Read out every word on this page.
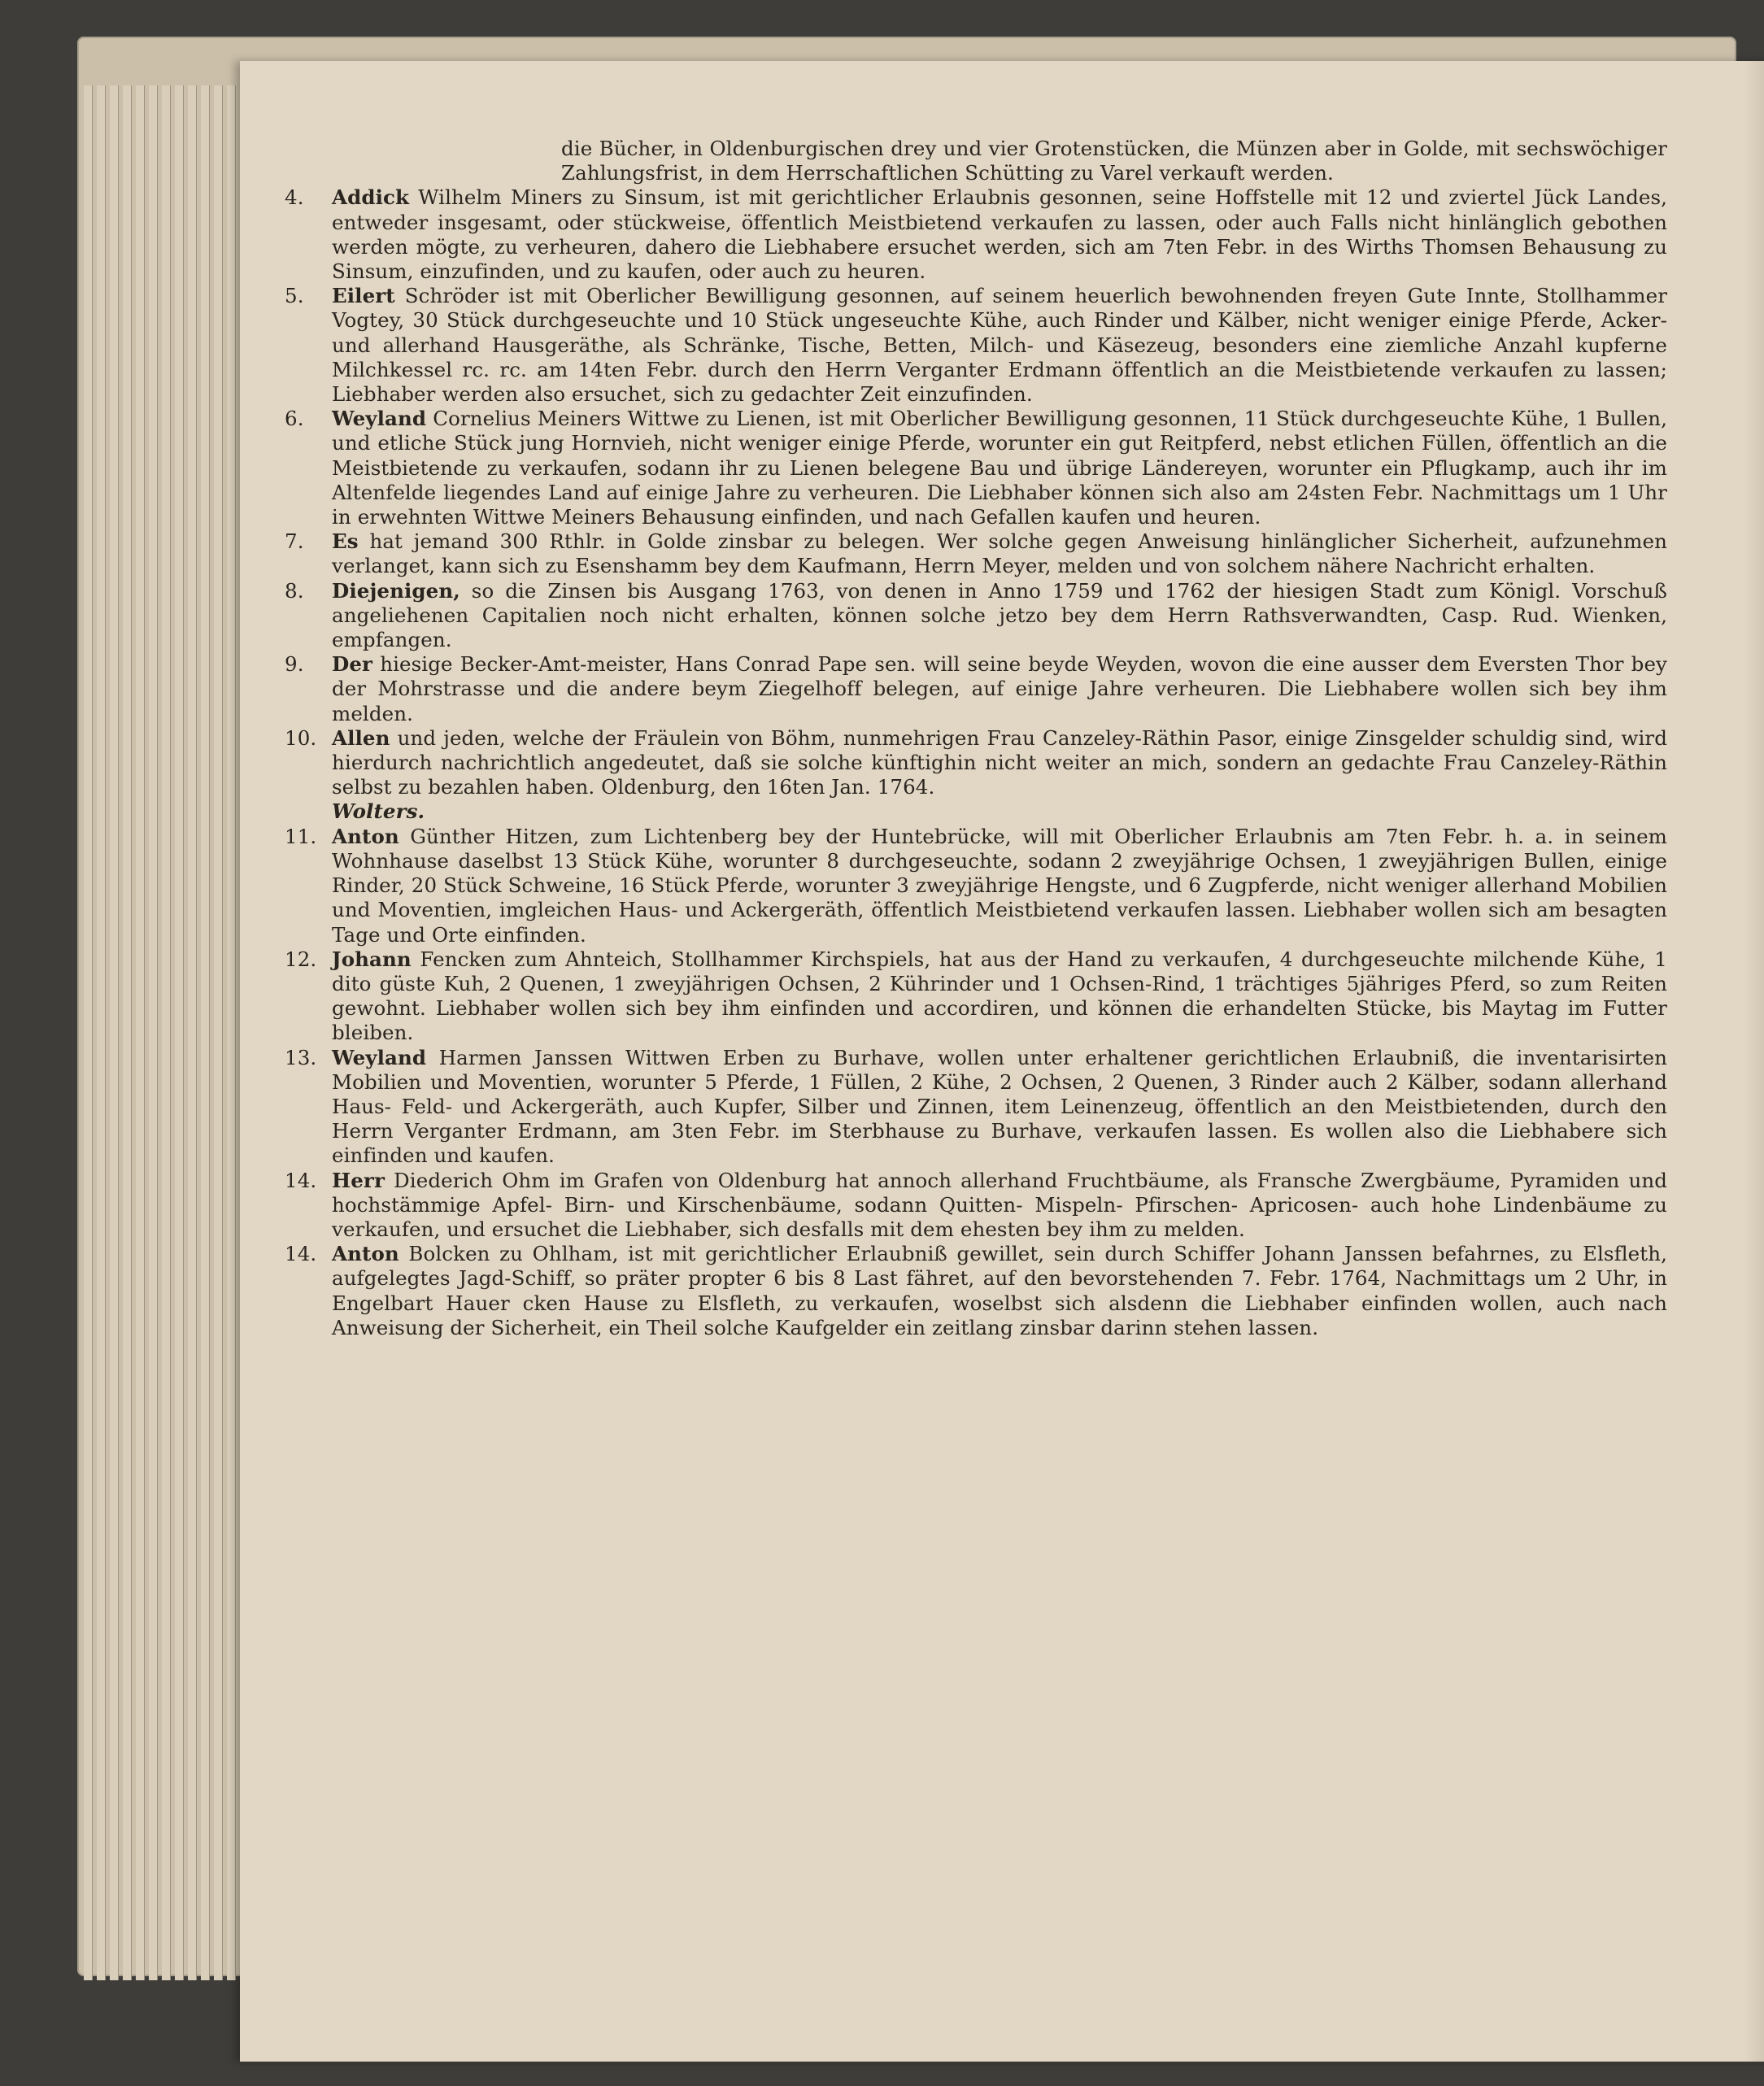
die Bücher, in Oldenburgischen drey und vier Grotenstücken, die Münzen aber in Golde, mit sechswöchiger Zahlungsfrist, in dem Herrschaftlichen Schütting zu Varel verkauft werden.

4.	Addick Wilhelm Miners zu Sinsum, ist mit gerichtlicher Erlaubnis gesonnen, seine Hoffstelle mit 12 und zviertel Jück Landes, entweder insgesamt, oder stückweise, öffentlich Meistbietend verkaufen zu lassen, oder auch Falls nicht hinlänglich gebothen werden mögte, zu verheuren, dahero die Liebhabere ersuchet werden, sich am 7ten Febr. in des Wirths Thomsen Behausung zu Sinsum, einzufinden, und zu kaufen, oder auch zu heuren.

5.	Eilert Schröder ist mit Oberlicher Bewilligung gesonnen, auf seinem heuerlich bewohnenden freyen Gute Innte, Stollhammer Vogtey, 30 Stück durchgeseuchte und 10 Stück ungeseuchte Kühe, auch Rinder und Kälber, nicht weniger einige Pferde, Acker- und allerhand Hausgeräthe, als Schränke, Tische, Betten, Milch- und Käsezeug, besonders eine ziemliche Anzahl kupferne Milchkessel rc. rc. am 14ten Febr. durch den Herrn Verganter Erdmann öffentlich an die Meistbietende verkaufen zu lassen; Liebhaber werden also ersuchet, sich zu gedachter Zeit einzufinden.

6.	Weyland Cornelius Meiners Wittwe zu Lienen, ist mit Oberlicher Bewilligung gesonnen, 11 Stück durchgeseuchte Kühe, 1 Bullen, und etliche Stück jung Hornvieh, nicht weniger einige Pferde, worunter ein gut Reitpferd, nebst etlichen Füllen, öffentlich an die Meistbietende zu verkaufen, sodann ihr zu Lienen belegene Bau und übrige Ländereyen, worunter ein Pflugkamp, auch ihr im Altenfelde liegendes Land auf einige Jahre zu verheuren. Die Liebhaber können sich also am 24sten Febr. Nachmittags um 1 Uhr in erwehnten Wittwe Meiners Behausung einfinden, und nach Gefallen kaufen und heuren.

7.	Es hat jemand 300 Rthlr. in Golde zinsbar zu belegen. Wer solche gegen Anweisung hinlänglicher Sicherheit, aufzunehmen verlanget, kann sich zu Esenshamm bey dem Kaufmann, Herrn Meyer, melden und von solchem nähere Nachricht erhalten.

8.	Diejenigen, so die Zinsen bis Ausgang 1763, von denen in Anno 1759 und 1762 der hiesigen Stadt zum Königl. Vorschuß angeliehenen Capitalien noch nicht erhalten, können solche jetzo bey dem Herrn Rathsverwandten, Casp. Rud. Wienken, empfangen.

9.	Der hiesige Becker-Amt-meister, Hans Conrad Pape sen. will seine beyde Weyden, wovon die eine ausser dem Eversten Thor bey der Mohrstrasse und die andere beym Ziegelhoff belegen, auf einige Jahre verheuren. Die Liebhabere wollen sich bey ihm melden.

10. Allen und jeden, welche der Fräulein von Böhm, nunmehrigen Frau Canzeley-Räthin Pasor, einige Zinsgelder schuldig sind, wird hierdurch nachrichtlich angedeutet, daß sie solche künftighin nicht weiter an mich, sondern an gedachte Frau Canzeley-Räthin selbst zu bezahlen haben. Oldenburg, den 16ten Jan. 1764.

Wolters.

11. Anton Günther Hitzen, zum Lichtenberg bey der Huntebrücke, will mit Oberlicher Erlaubnis am 7ten Febr. h. a. in seinem Wohnhause daselbst 13 Stück Kühe, worunter 8 durchgeseuchte, sodann 2 zweyjährige Ochsen, 1 zweyjährigen Bullen, einige Rinder, 20 Stück Schweine, 16 Stück Pferde, worunter 3 zweyjährige Hengste, und 6 Zugpferde, nicht weniger allerhand Mobilien und Moventien, imgleichen Haus- und Ackergeräth, öffentlich Meistbietend verkaufen lassen. Liebhaber wollen sich am besagten Tage und Orte einfinden.

12. Johann Fencken zum Ahnteich, Stollhammer Kirchspiels, hat aus der Hand zu verkaufen, 4 durchgeseuchte milchende Kühe, 1 dito güste Kuh, 2 Quenen, 1 zweyjährigen Ochsen, 2 Kührinder und 1 Ochsen-Rind, 1 trächtiges 5jähriges Pferd, so zum Reiten gewohnt. Liebhaber wollen sich bey ihm einfinden und accordiren, und können die erhandelten Stücke, bis Maytag im Futter bleiben.

13. Weyland Harmen Janssen Wittwen Erben zu Burhave, wollen unter erhaltener gerichtlichen Erlaubniß, die inventarisirten Mobilien und Moventien, worunter 5 Pferde, 1 Füllen, 2 Kühe, 2 Ochsen, 2 Quenen, 3 Rinder auch 2 Kälber, sodann allerhand Haus- Feld- und Ackergeräth, auch Kupfer, Silber und Zinnen, item Leinenzeug, öffentlich an den Meistbietenden, durch den Herrn Verganter Erdmann, am 3ten Febr. im Sterbhause zu Burhave, verkaufen lassen. Es wollen also die Liebhabere sich einfinden und kaufen.

14. Herr Diederich Ohm im Grafen von Oldenburg hat annoch allerhand Fruchtbäume, als Fransche Zwergbäume, Pyramiden und hochstämmige Apfel- Birn- und Kirschenbäume, sodann Quitten- Mispeln- Pfirschen- Apricosen- auch hohe Lindenbäume zu verkaufen, und ersuchet die Liebhaber, sich desfalls mit dem ehesten bey ihm zu melden.

14. Anton Bolcken zu Ohlham, ist mit gerichtlicher Erlaubniß gewillet, sein durch Schiffer Johann Janssen befahrnes, zu Elsfleth, aufgelegtes Jagd-Schiff, so präter propter 6 bis 8 Last fähret, auf den bevorstehenden 7. Febr. 1764, Nachmittags um 2 Uhr, in Engelbart Hauer cken Hause zu Elsfleth, zu verkaufen, woselbst sich alsdenn die Liebhaber einfinden wollen, auch nach Anweisung der Sicherheit, ein Theil solche Kaufgelder ein zeitlang zinsbar darinn stehen lassen.
